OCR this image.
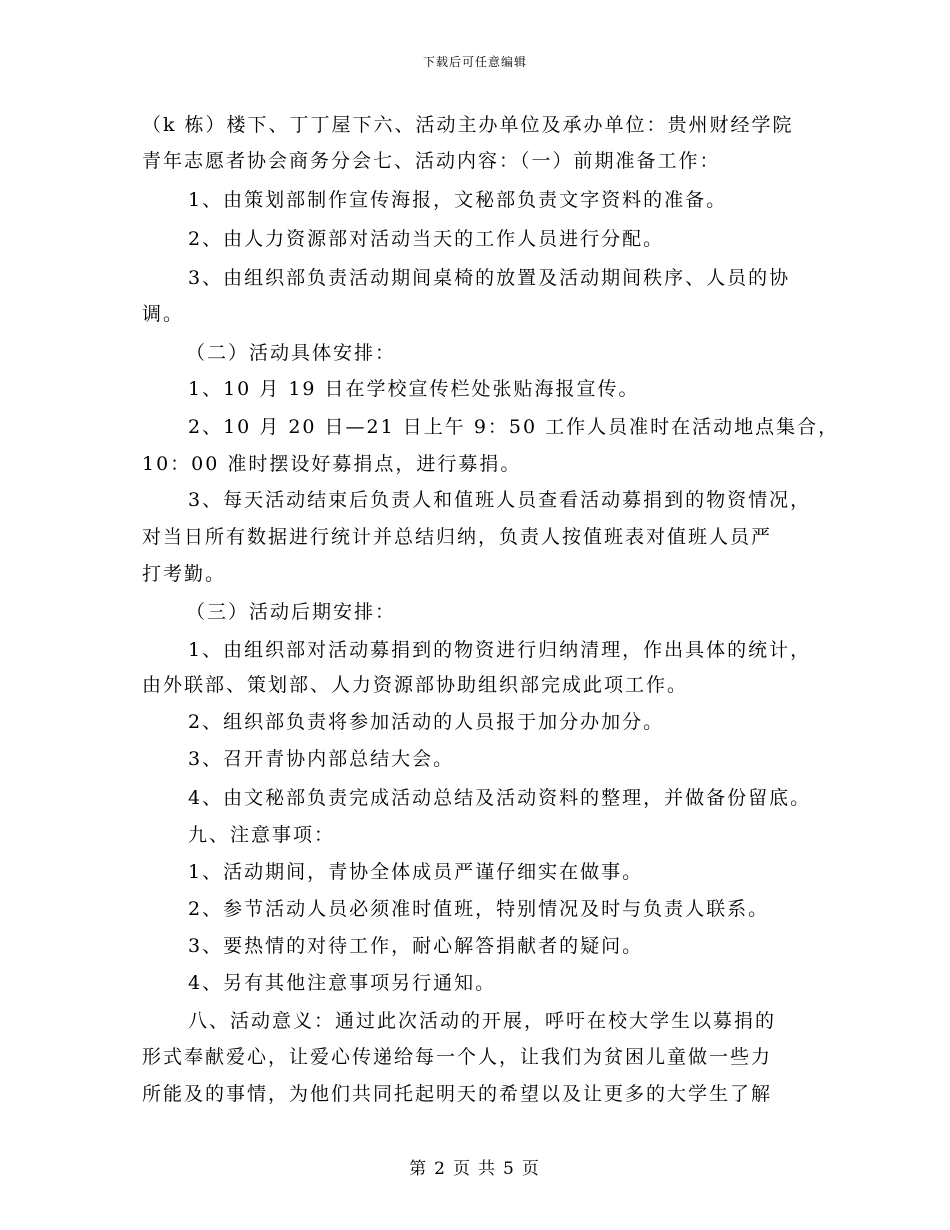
下载后可任意编辑
（k 栋）楼下、丁丁屋下六、活动主办单位及承办单位：贵州财经学院
青年志愿者协会商务分会七、活动内容：（一）前期准备工作：
1、由策划部制作宣传海报，文秘部负责文字资料的准备。
2、由人力资源部对活动当天的工作人员进行分配。
3、由组织部负责活动期间桌椅的放置及活动期间秩序、人员的协
调。
（二）活动具体安排：
1、10 月 19 日在学校宣传栏处张贴海报宣传。
2、10 月 20 日—21 日上午 9：50 工作人员准时在活动地点集合，
10：00 准时摆设好募捐点，进行募捐。
3、每天活动结束后负责人和值班人员查看活动募捐到的物资情况，
对当日所有数据进行统计并总结归纳，负责人按值班表对值班人员严
打考勤。
（三）活动后期安排：
1、由组织部对活动募捐到的物资进行归纳清理，作出具体的统计，
由外联部、策划部、人力资源部协助组织部完成此项工作。
2、组织部负责将参加活动的人员报于加分办加分。
3、召开青协内部总结大会。
4、由文秘部负责完成活动总结及活动资料的整理，并做备份留底。
九、注意事项：
1、活动期间，青协全体成员严谨仔细实在做事。
2、参节活动人员必须准时值班，特别情况及时与负责人联系。
3、要热情的对待工作，耐心解答捐献者的疑问。
4、另有其他注意事项另行通知。
八、活动意义：通过此次活动的开展，呼吁在校大学生以募捐的
形式奉献爱心，让爱心传递给每一个人，让我们为贫困儿童做一些力
所能及的事情，为他们共同托起明天的希望以及让更多的大学生了解
第 2 页 共 5 页
